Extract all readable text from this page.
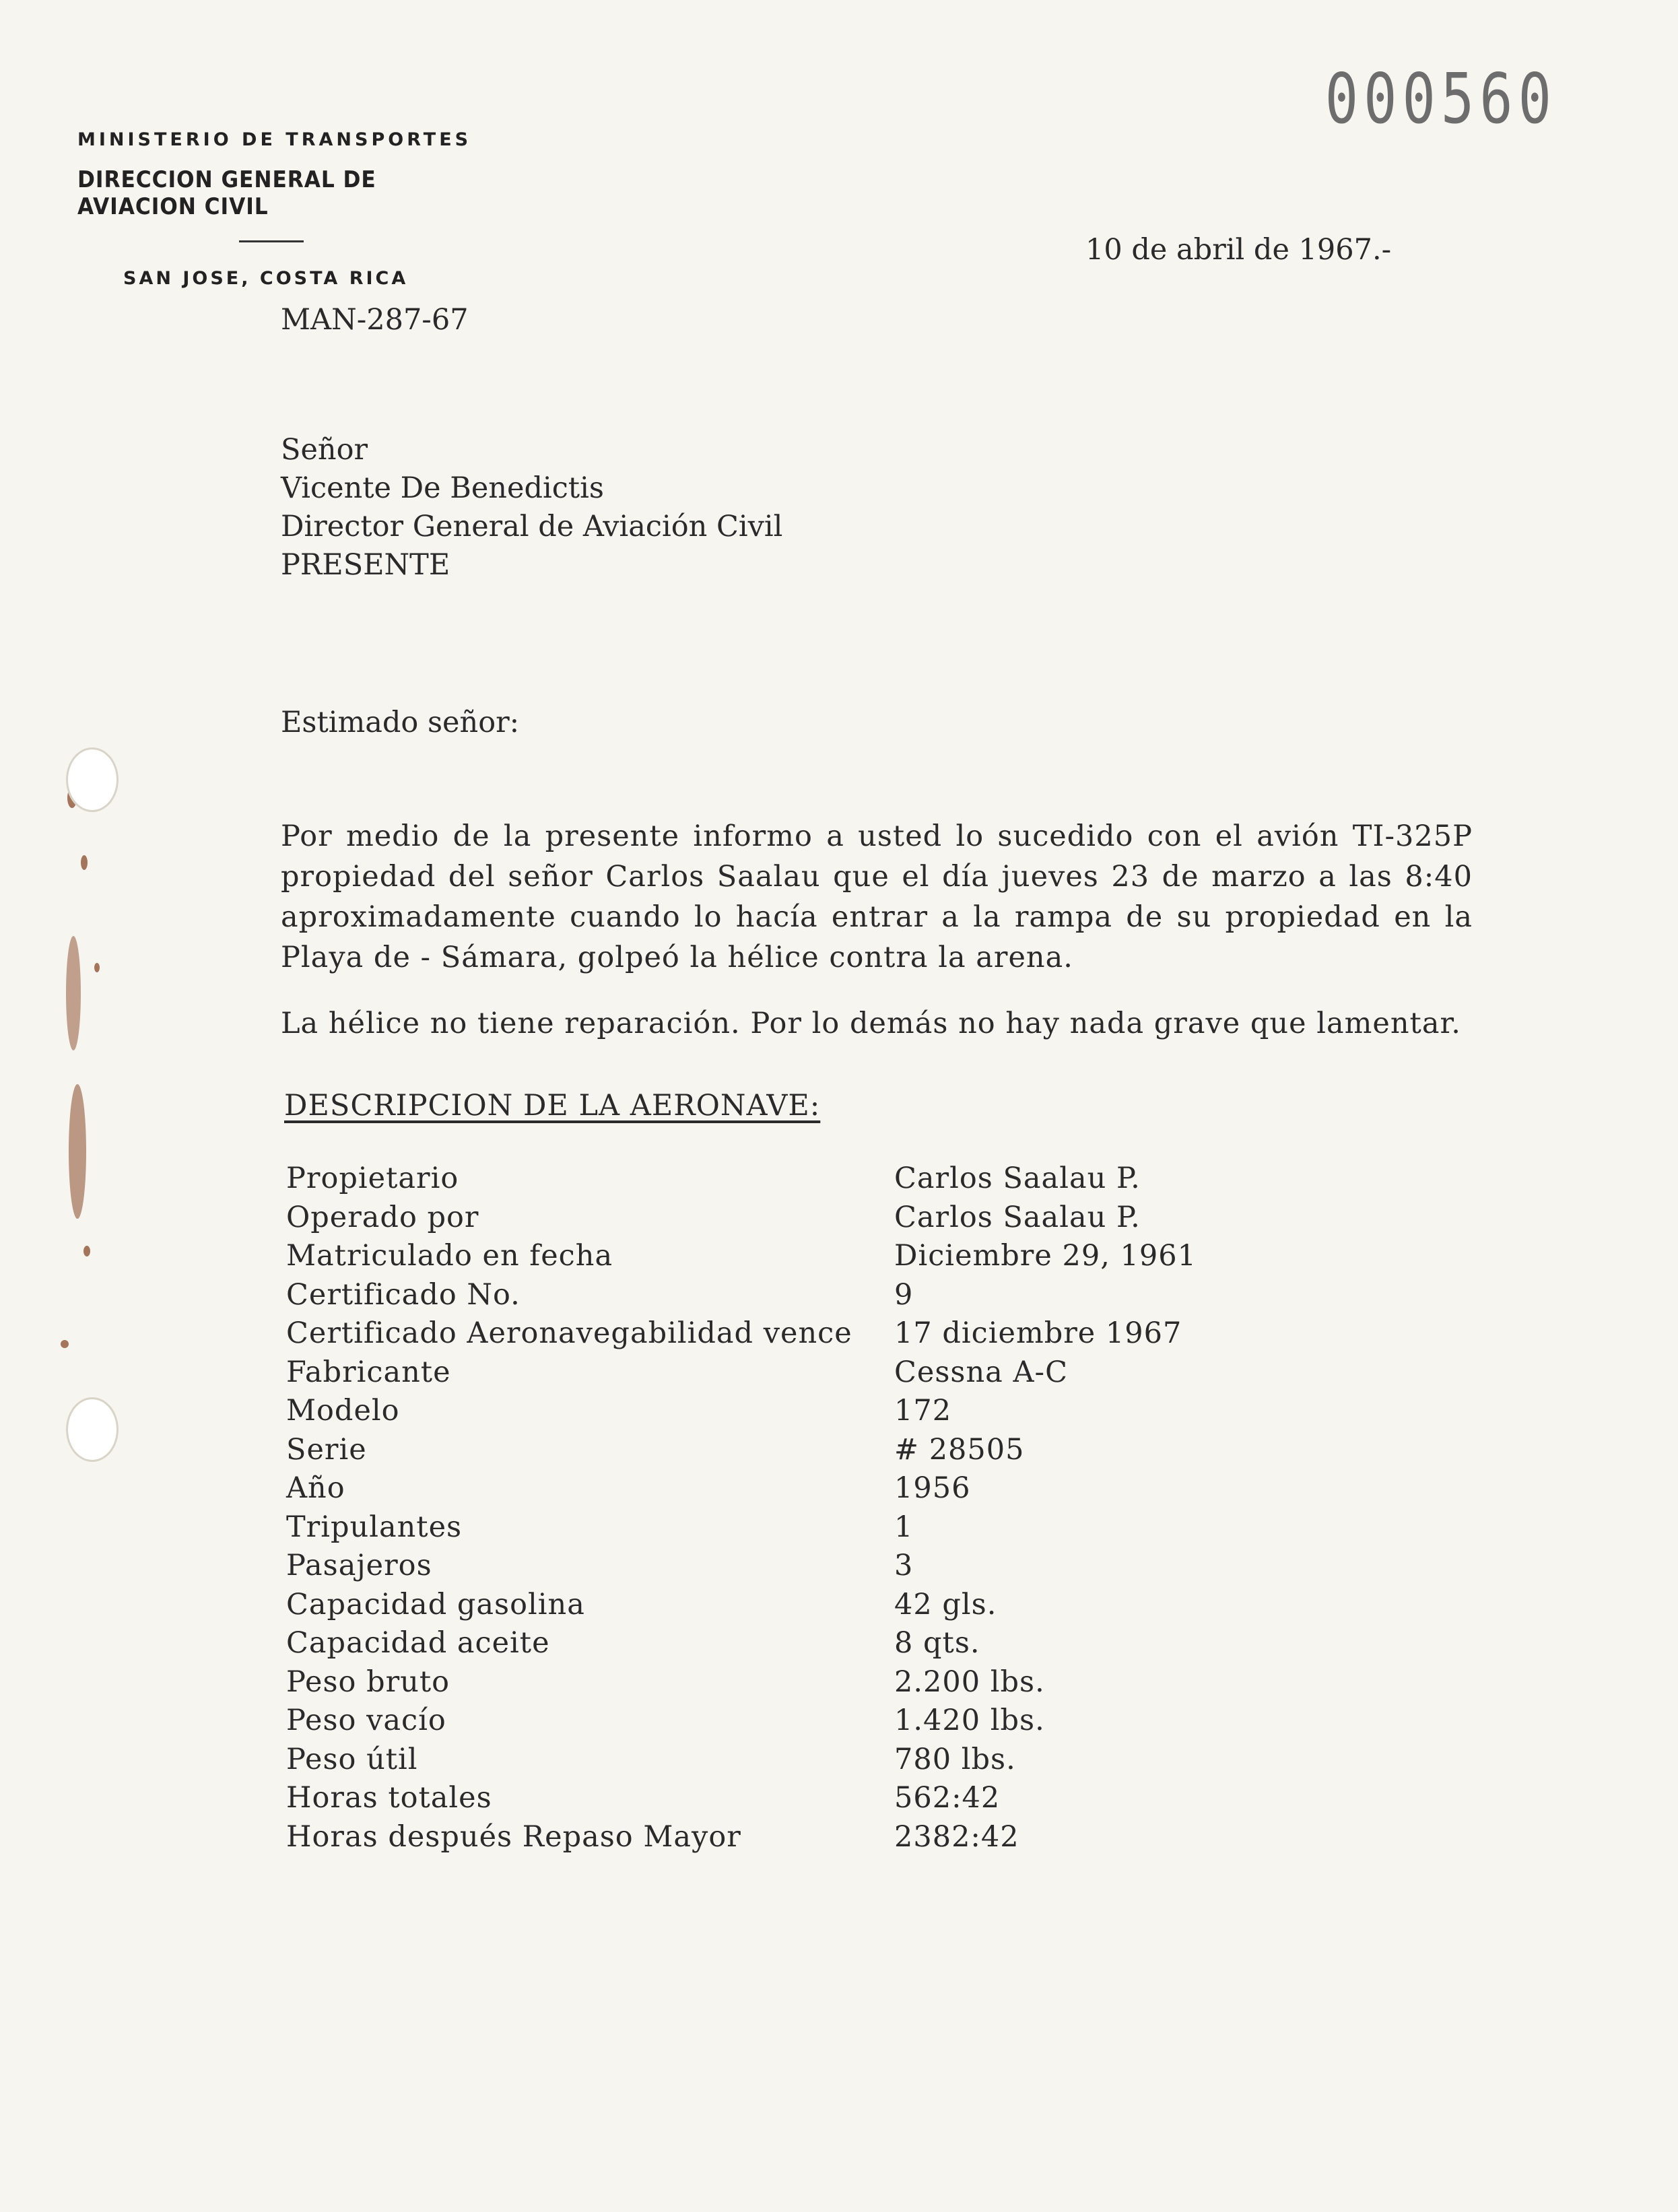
000560
MINISTERIO DE TRANSPORTES
DIRECCION GENERAL DE AVIACION CIVIL
SAN JOSE, COSTA RICA
10 de abril de 1967.-
MAN-287-67
Señor
Vicente De Benedictis
Director General de Aviación Civil
PRESENTE
Estimado señor:
Por medio de la presente informo a usted lo sucedido con el avión TI-325P propiedad del señor Carlos Saalau que el día jueves 23 de marzo a las 8:40 aproximadamente cuando lo hacía entrar a la rampa de su propiedad en la Playa de - Sámara, golpeó la hélice contra la arena.
La hélice no tiene reparación. Por lo demás no hay nada grave que lamentar.
DESCRIPCION DE LA AERONAVE:
Propietario	Carlos Saalau P.
Operado por	Carlos Saalau P.
Matriculado en fecha	Diciembre 29, 1961
Certificado No.	9
Certificado Aeronavegabilidad vence	17 diciembre 1967
Fabricante	Cessna A-C
Modelo	172
Serie	# 28505
Año	1956
Tripulantes	1
Pasajeros	3
Capacidad gasolina	42 gls.
Capacidad aceite	8 qts.
Peso bruto	2.200 lbs.
Peso vacío	1.420 lbs.
Peso útil	780 lbs.
Horas totales	562:42
Horas después Repaso Mayor	2382:42
